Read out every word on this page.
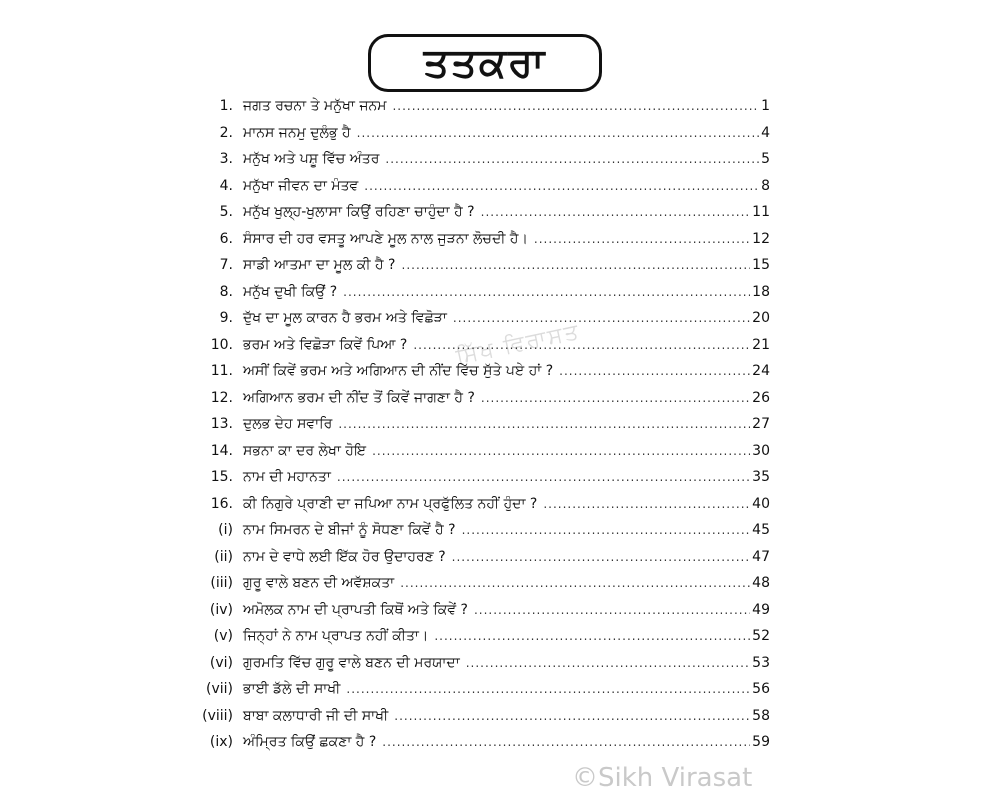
ਤਤਕਰਾ
ਸਿੱਖ ਵਿਰਾਸਤ
1. ਜਗਤ ਰਚਨਾ ਤੇ ਮਨੁੱਖਾ ਜਨਮ .....	1
2. ਮਾਨਸ ਜਨਮੁ ਦੁਲੰਭੁ ਹੈ .....	4
3. ਮਨੁੱਖ ਅਤੇ ਪਸ਼ੂ ਵਿੱਚ ਅੰਤਰ .....	5
4. ਮਨੁੱਖਾ ਜੀਵਨ ਦਾ ਮੰਤਵ .....	8
5. ਮਨੁੱਖ ਖੁਲ੍ਹ-ਖੁਲਾਸਾ ਕਿਉਂ ਰਹਿਣਾ ਚਾਹੁੰਦਾ ਹੈ ? .....	11
6. ਸੰਸਾਰ ਦੀ ਹਰ ਵਸਤੂ ਆਪਣੇ ਮੂਲ ਨਾਲ ਜੁੜਨਾ ਲੋਚਦੀ ਹੈ। .....	12
7. ਸਾਡੀ ਆਤਮਾ ਦਾ ਮੂਲ ਕੀ ਹੈ ? .....	15
8. ਮਨੁੱਖ ਦੁਖੀ ਕਿਉਂ ? .....	18
9. ਦੁੱਖ ਦਾ ਮੂਲ ਕਾਰਨ ਹੈ ਭਰਮ ਅਤੇ ਵਿਛੋੜਾ .....	20
10. ਭਰਮ ਅਤੇ ਵਿਛੋੜਾ ਕਿਵੇਂ ਪਿਆ ? .....	21
11. ਅਸੀਂ ਕਿਵੇਂ ਭਰਮ ਅਤੇ ਅਗਿਆਨ ਦੀ ਨੀਂਦ ਵਿੱਚ ਸੁੱਤੇ ਪਏ ਹਾਂ ? .....	24
12. ਅਗਿਆਨ ਭਰਮ ਦੀ ਨੀਂਦ ਤੋਂ ਕਿਵੇਂ ਜਾਗਣਾ ਹੈ ? .....	26
13. ਦੁਲਭ ਦੇਹ ਸਵਾਰਿ .....	27
14. ਸਭਨਾ ਕਾ ਦਰ ਲੇਖਾ ਹੋਇ .....	30
15. ਨਾਮ ਦੀ ਮਹਾਨਤਾ .....	35
16. ਕੀ ਨਿਗੁਰੇ ਪ੍ਰਾਣੀ ਦਾ ਜਪਿਆ ਨਾਮ ਪ੍ਰਫੁੱਲਿਤ ਨਹੀਂ ਹੁੰਦਾ ? .....	40
(i) ਨਾਮ ਸਿਮਰਨ ਦੇ ਬੀਜਾਂ ਨੂੰ ਸੋਧਣਾ ਕਿਵੇਂ ਹੈ ? .....	45
(ii) ਨਾਮ ਦੇ ਵਾਧੇ ਲਈ ਇੱਕ ਹੋਰ ਉਦਾਹਰਣ ? .....	47
(iii) ਗੁਰੂ ਵਾਲੇ ਬਣਨ ਦੀ ਅਵੱਸ਼ਕਤਾ .....	48
(iv) ਅਮੋਲਕ ਨਾਮ ਦੀ ਪ੍ਰਾਪਤੀ ਕਿਥੋਂ ਅਤੇ ਕਿਵੇਂ ? .....	49
(v) ਜਿਨ੍ਹਾਂ ਨੇ ਨਾਮ ਪ੍ਰਾਪਤ ਨਹੀਂ ਕੀਤਾ। .....	52
(vi) ਗੁਰਮਤਿ ਵਿੱਚ ਗੁਰੂ ਵਾਲੇ ਬਣਨ ਦੀ ਮਰਯਾਦਾ .....	53
(vii) ਭਾਈ ਡੱਲੇ ਦੀ ਸਾਖੀ .....	56
(viii) ਬਾਬਾ ਕਲਾਧਾਰੀ ਜੀ ਦੀ ਸਾਖੀ .....	58
(ix) ਅੰਮ੍ਰਿਤ ਕਿਉਂ ਛਕਣਾ ਹੈ ? .....	59
©Sikh Virasat
